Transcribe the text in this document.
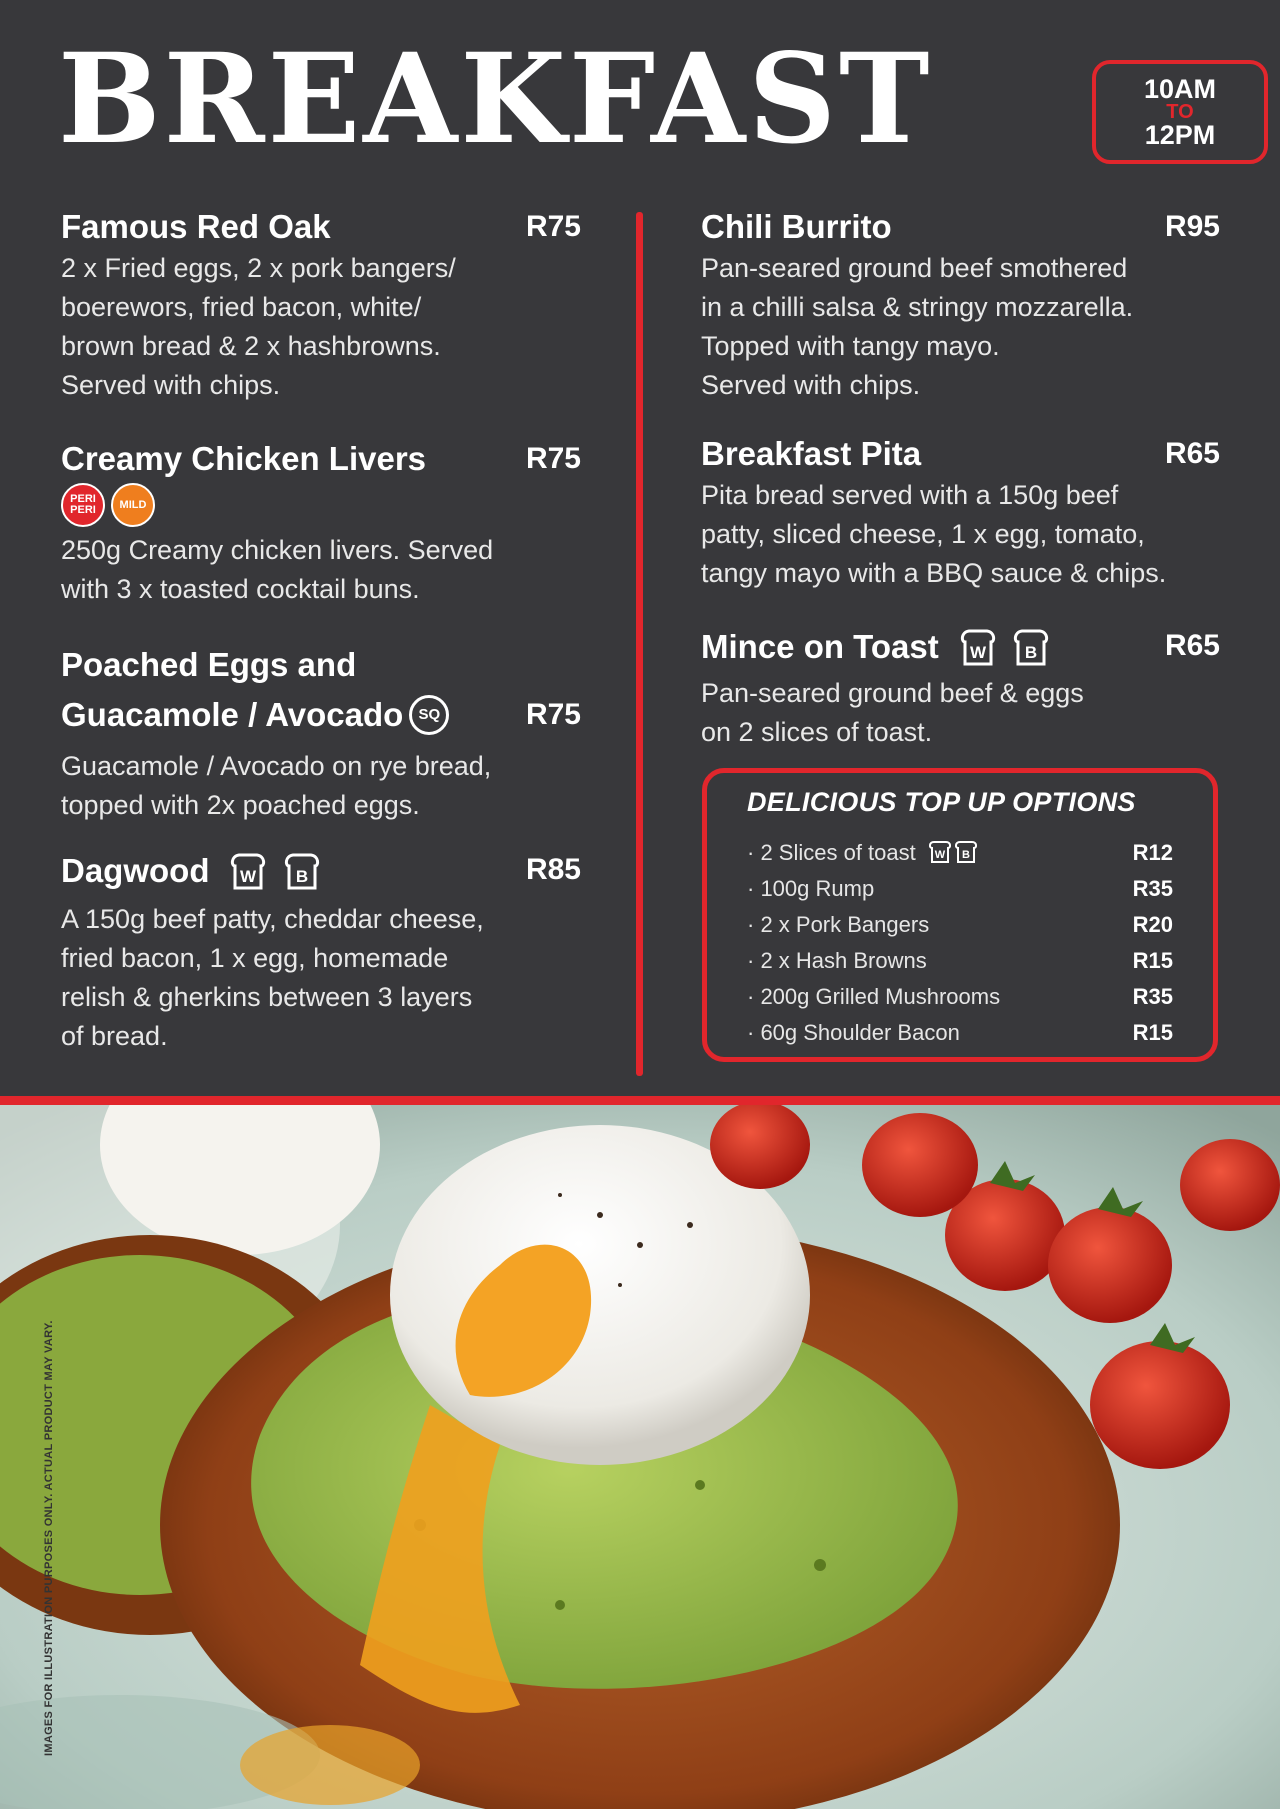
BREAKFAST	10AM
TO
12PM
Famous Red Oak	R75
2 x Fried eggs, 2 x pork bangers/
boerewors, fried bacon, white/
brown bread & 2 x hashbrowns.
Served with chips.
Creamy Chicken Livers	R75
PERI PERI	MILD
250g Creamy chicken livers. Served
with 3 x toasted cocktail buns.
Poached Eggs and
Guacamole / Avocado	SQ	R75
Guacamole / Avocado on rye bread,
topped with 2x poached eggs.
Dagwood W
B	R85
A 150g beef patty, cheddar cheese,
fried bacon, 1 x egg, homemade
relish & gherkins between 3 layers
of bread.
Chili Burrito	R95
Pan-seared ground beef smothered
in a chilli salsa & stringy mozzarella.
Topped with tangy mayo.
Served with chips.
Breakfast Pita	R65
Pita bread served with a 150g beef
patty, sliced cheese, 1 x egg, tomato,
tangy mayo with a BBQ sauce & chips.
Mince on Toast W
B	R65
Pan-seared ground beef & eggs
on 2 slices of toast.
DELICIOUS TOP UP OPTIONS
· 2 Slices of toast W B	R12
· 100g Rump	R35
· 2 x Pork Bangers	R20
· 2 x Hash Browns	R15
· 200g Grilled Mushrooms	R35
· 60g Shoulder Bacon	R15
IMAGES FOR ILLUSTRATION PURPOSES ONLY. ACTUAL PRODUCT MAY VARY.
